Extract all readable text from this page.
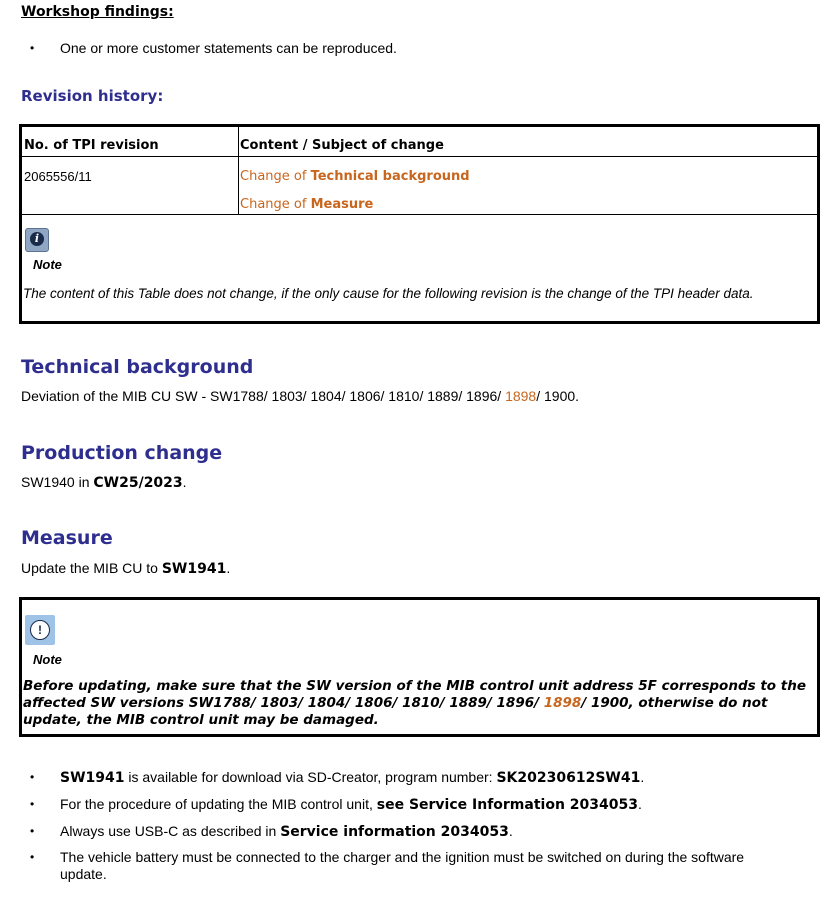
Workshop findings:
• One or more customer statements can be reproduced.
Revision history:
No. of TPI revision	Content / Subject of change
2065556/11	Change of Technical background
Change of Measure
i
Note
The content of this Table does not change, if the only cause for the following revision is the change of the TPI header data.
Technical background
Deviation of the MIB CU SW - SW1788/ 1803/ 1804/ 1806/ 1810/ 1889/ 1896/ 1898/ 1900.
Production change
SW1940 in CW25/2023.
Measure
Update the MIB CU to SW1941.
!
Note
Before updating, make sure that the SW version of the MIB control unit address 5F corresponds to the affected SW versions SW1788/ 1803/ 1804/ 1806/ 1810/ 1889/ 1896/ 1898/ 1900, otherwise do not update, the MIB control unit may be damaged.
• SW1941 is available for download via SD-Creator, program number: SK20230612SW41.
• For the procedure of updating the MIB control unit, see Service Information 2034053.
• Always use USB-C as described in Service information 2034053.
• The vehicle battery must be connected to the charger and the ignition must be switched on during the software update.
